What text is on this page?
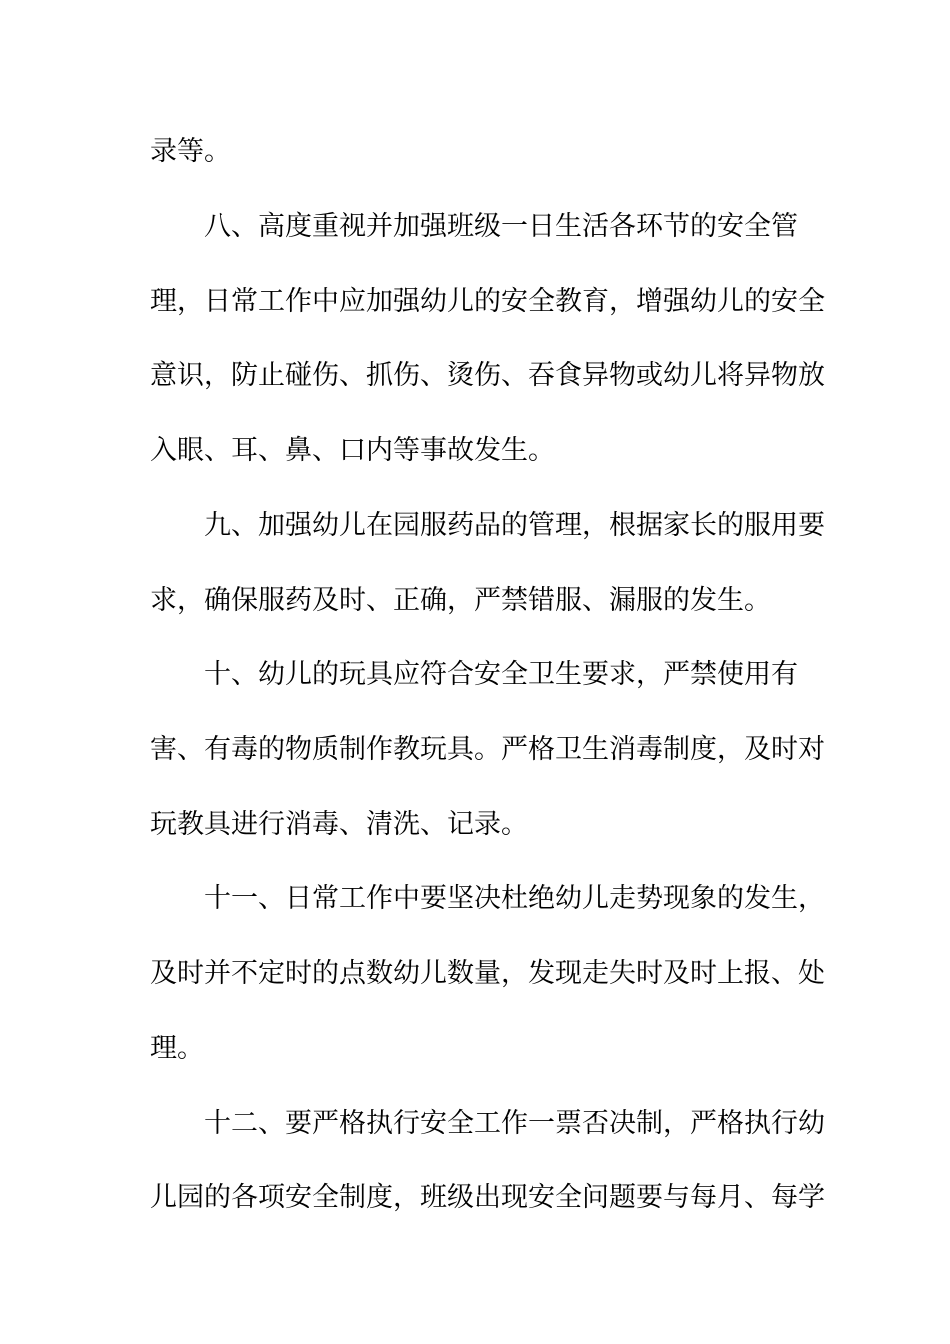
录等。
八、高度重视并加强班级一日生活各环节的安全管
理，日常工作中应加强幼儿的安全教育，增强幼儿的安全
意识，防止碰伤、抓伤、烫伤、吞食异物或幼儿将异物放
入眼、耳、鼻、口内等事故发生。
九、加强幼儿在园服药品的管理，根据家长的服用要
求，确保服药及时、正确，严禁错服、漏服的发生。
十、幼儿的玩具应符合安全卫生要求，严禁使用有
害、有毒的物质制作教玩具。严格卫生消毒制度，及时对
玩教具进行消毒、清洗、记录。
十一、日常工作中要坚决杜绝幼儿走势现象的发生，
及时并不定时的点数幼儿数量，发现走失时及时上报、处
理。
十二、要严格执行安全工作一票否决制，严格执行幼
儿园的各项安全制度，班级出现安全问题要与每月、每学
